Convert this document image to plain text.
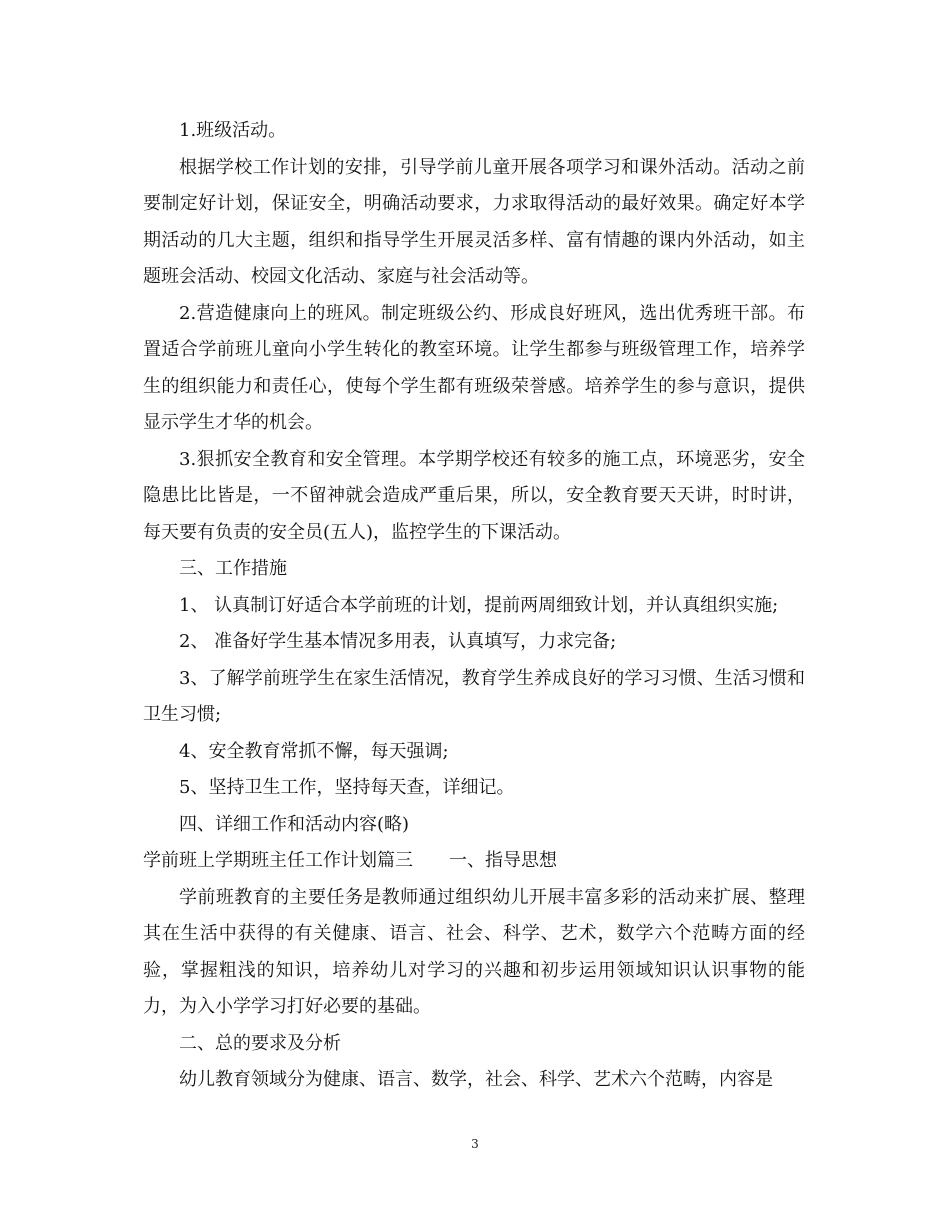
1.班级活动。

根据学校工作计划的安排，引导学前儿童开展各项学习和课外活动。活动之前要制定好计划，保证安全，明确活动要求，力求取得活动的最好效果。确定好本学期活动的几大主题，组织和指导学生开展灵活多样、富有情趣的课内外活动，如主题班会活动、校园文化活动、家庭与社会活动等。

2.营造健康向上的班风。制定班级公约、形成良好班风，选出优秀班干部。布置适合学前班儿童向小学生转化的教室环境。让学生都参与班级管理工作，培养学生的组织能力和责任心，使每个学生都有班级荣誉感。培养学生的参与意识，提供显示学生才华的机会。

3.狠抓安全教育和安全管理。本学期学校还有较多的施工点，环境恶劣，安全隐患比比皆是，一不留神就会造成严重后果，所以，安全教育要天天讲，时时讲，每天要有负责的安全员(五人)，监控学生的下课活动。

三、工作措施

1、 认真制订好适合本学前班的计划，提前两周细致计划，并认真组织实施;

2、 准备好学生基本情况多用表，认真填写，力求完备;

3、了解学前班学生在家生活情况，教育学生养成良好的学习习惯、生活习惯和卫生习惯;

4、安全教育常抓不懈，每天强调;

5、坚持卫生工作，坚持每天查，详细记。

四、详细工作和活动内容(略)

学前班上学期班主任工作计划篇三　　一、指导思想

学前班教育的主要任务是教师通过组织幼儿开展丰富多彩的活动来扩展、整理其在生活中获得的有关健康、语言、社会、科学、艺术，数学六个范畴方面的经验，掌握粗浅的知识，培养幼儿对学习的兴趣和初步运用领域知识认识事物的能力，为入小学学习打好必要的基础。

二、总的要求及分析

幼儿教育领域分为健康、语言、数学，社会、科学、艺术六个范畴，内容是

3
